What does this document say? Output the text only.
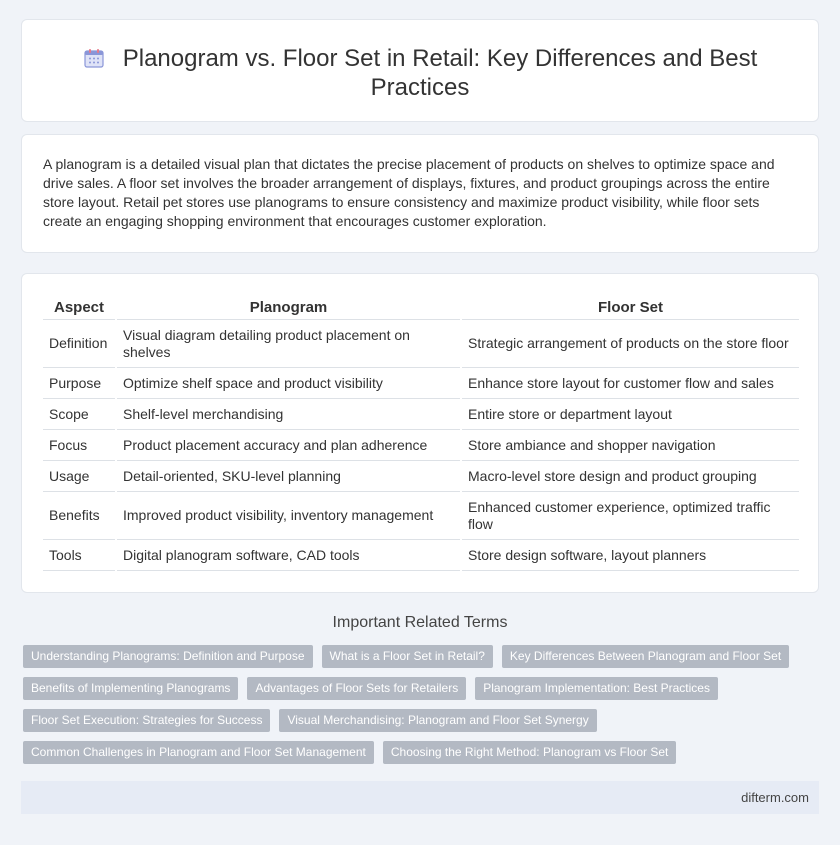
Planogram vs. Floor Set in Retail: Key Differences and Best Practices

A planogram is a detailed visual plan that dictates the precise placement of products on shelves to optimize space and drive sales. A floor set involves the broader arrangement of displays, fixtures, and product groupings across the entire store layout. Retail pet stores use planograms to ensure consistency and maximize product visibility, while floor sets create an engaging shopping environment that encourages customer exploration.

Aspect	Planogram	Floor Set
Definition	Visual diagram detailing product placement on shelves	Strategic arrangement of products on the store floor
Purpose	Optimize shelf space and product visibility	Enhance store layout for customer flow and sales
Scope	Shelf-level merchandising	Entire store or department layout
Focus	Product placement accuracy and plan adherence	Store ambiance and shopper navigation
Usage	Detail-oriented, SKU-level planning	Macro-level store design and product grouping
Benefits	Improved product visibility, inventory management	Enhanced customer experience, optimized traffic flow
Tools	Digital planogram software, CAD tools	Store design software, layout planners
Important Related Terms
Understanding Planograms: Definition and Purpose	What is a Floor Set in Retail?	Key Differences Between Planogram and Floor Set
Benefits of Implementing Planograms	Advantages of Floor Sets for Retailers	Planogram Implementation: Best Practices
Floor Set Execution: Strategies for Success	Visual Merchandising: Planogram and Floor Set Synergy
Common Challenges in Planogram and Floor Set Management	Choosing the Right Method: Planogram vs Floor Set
difterm.com
